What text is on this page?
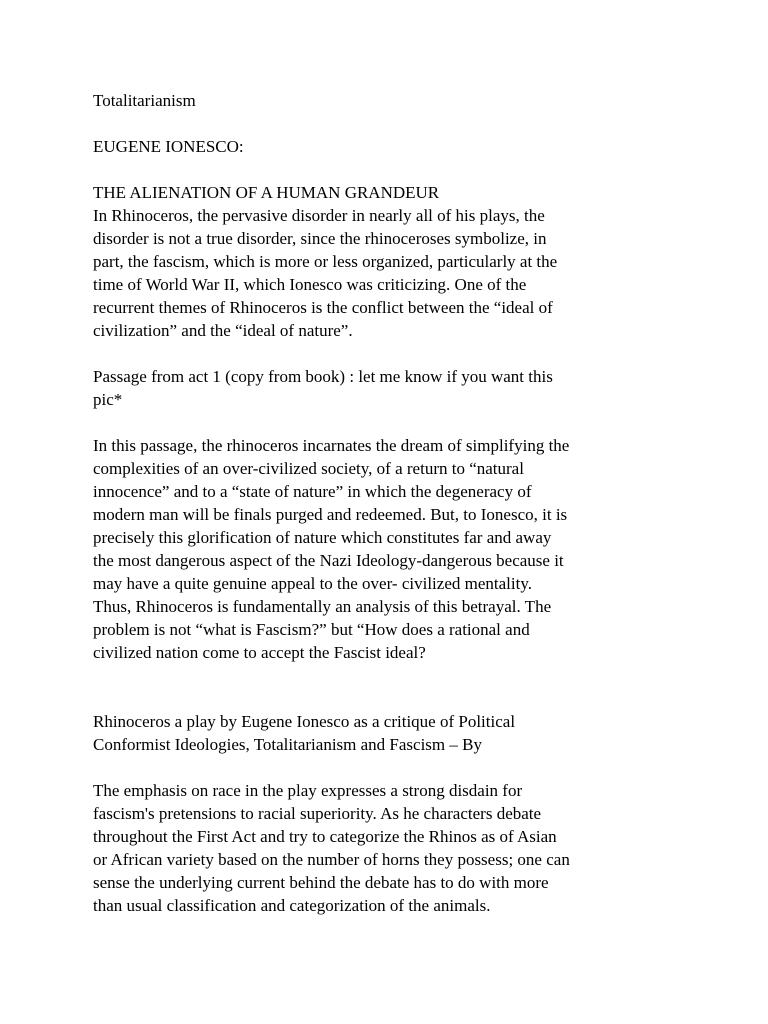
Totalitarianism

EUGENE IONESCO:

THE ALIENATION OF A HUMAN GRANDEUR

In Rhinoceros, the pervasive disorder in nearly all of his plays, the
disorder is not a true disorder, since the rhinoceroses symbolize, in
part, the fascism, which is more or less organized, particularly at the
time of World War II, which Ionesco was criticizing. One of the
recurrent themes of Rhinoceros is the conflict between the “ideal of
civilization” and the “ideal of nature”.

Passage from act 1 (copy from book) : let me know if you want this
pic*

In this passage, the rhinoceros incarnates the dream of simplifying the
complexities of an over-civilized society, of a return to “natural
innocence” and to a “state of nature” in which the degeneracy of
modern man will be finals purged and redeemed. But, to Ionesco, it is
precisely this glorification of nature which constitutes far and away
the most dangerous aspect of the Nazi Ideology-dangerous because it
may have a quite genuine appeal to the over- civilized mentality.
Thus, Rhinoceros is fundamentally an analysis of this betrayal. The
problem is not “what is Fascism?” but “How does a rational and
civilized nation come to accept the Fascist ideal?

Rhinoceros a play by Eugene Ionesco as a critique of Political
Conformist Ideologies, Totalitarianism and Fascism – By

The emphasis on race in the play expresses a strong disdain for
fascism's pretensions to racial superiority. As he characters debate
throughout the First Act and try to categorize the Rhinos as of Asian
or African variety based on the number of horns they possess; one can
sense the underlying current behind the debate has to do with more
than usual classification and categorization of the animals.
